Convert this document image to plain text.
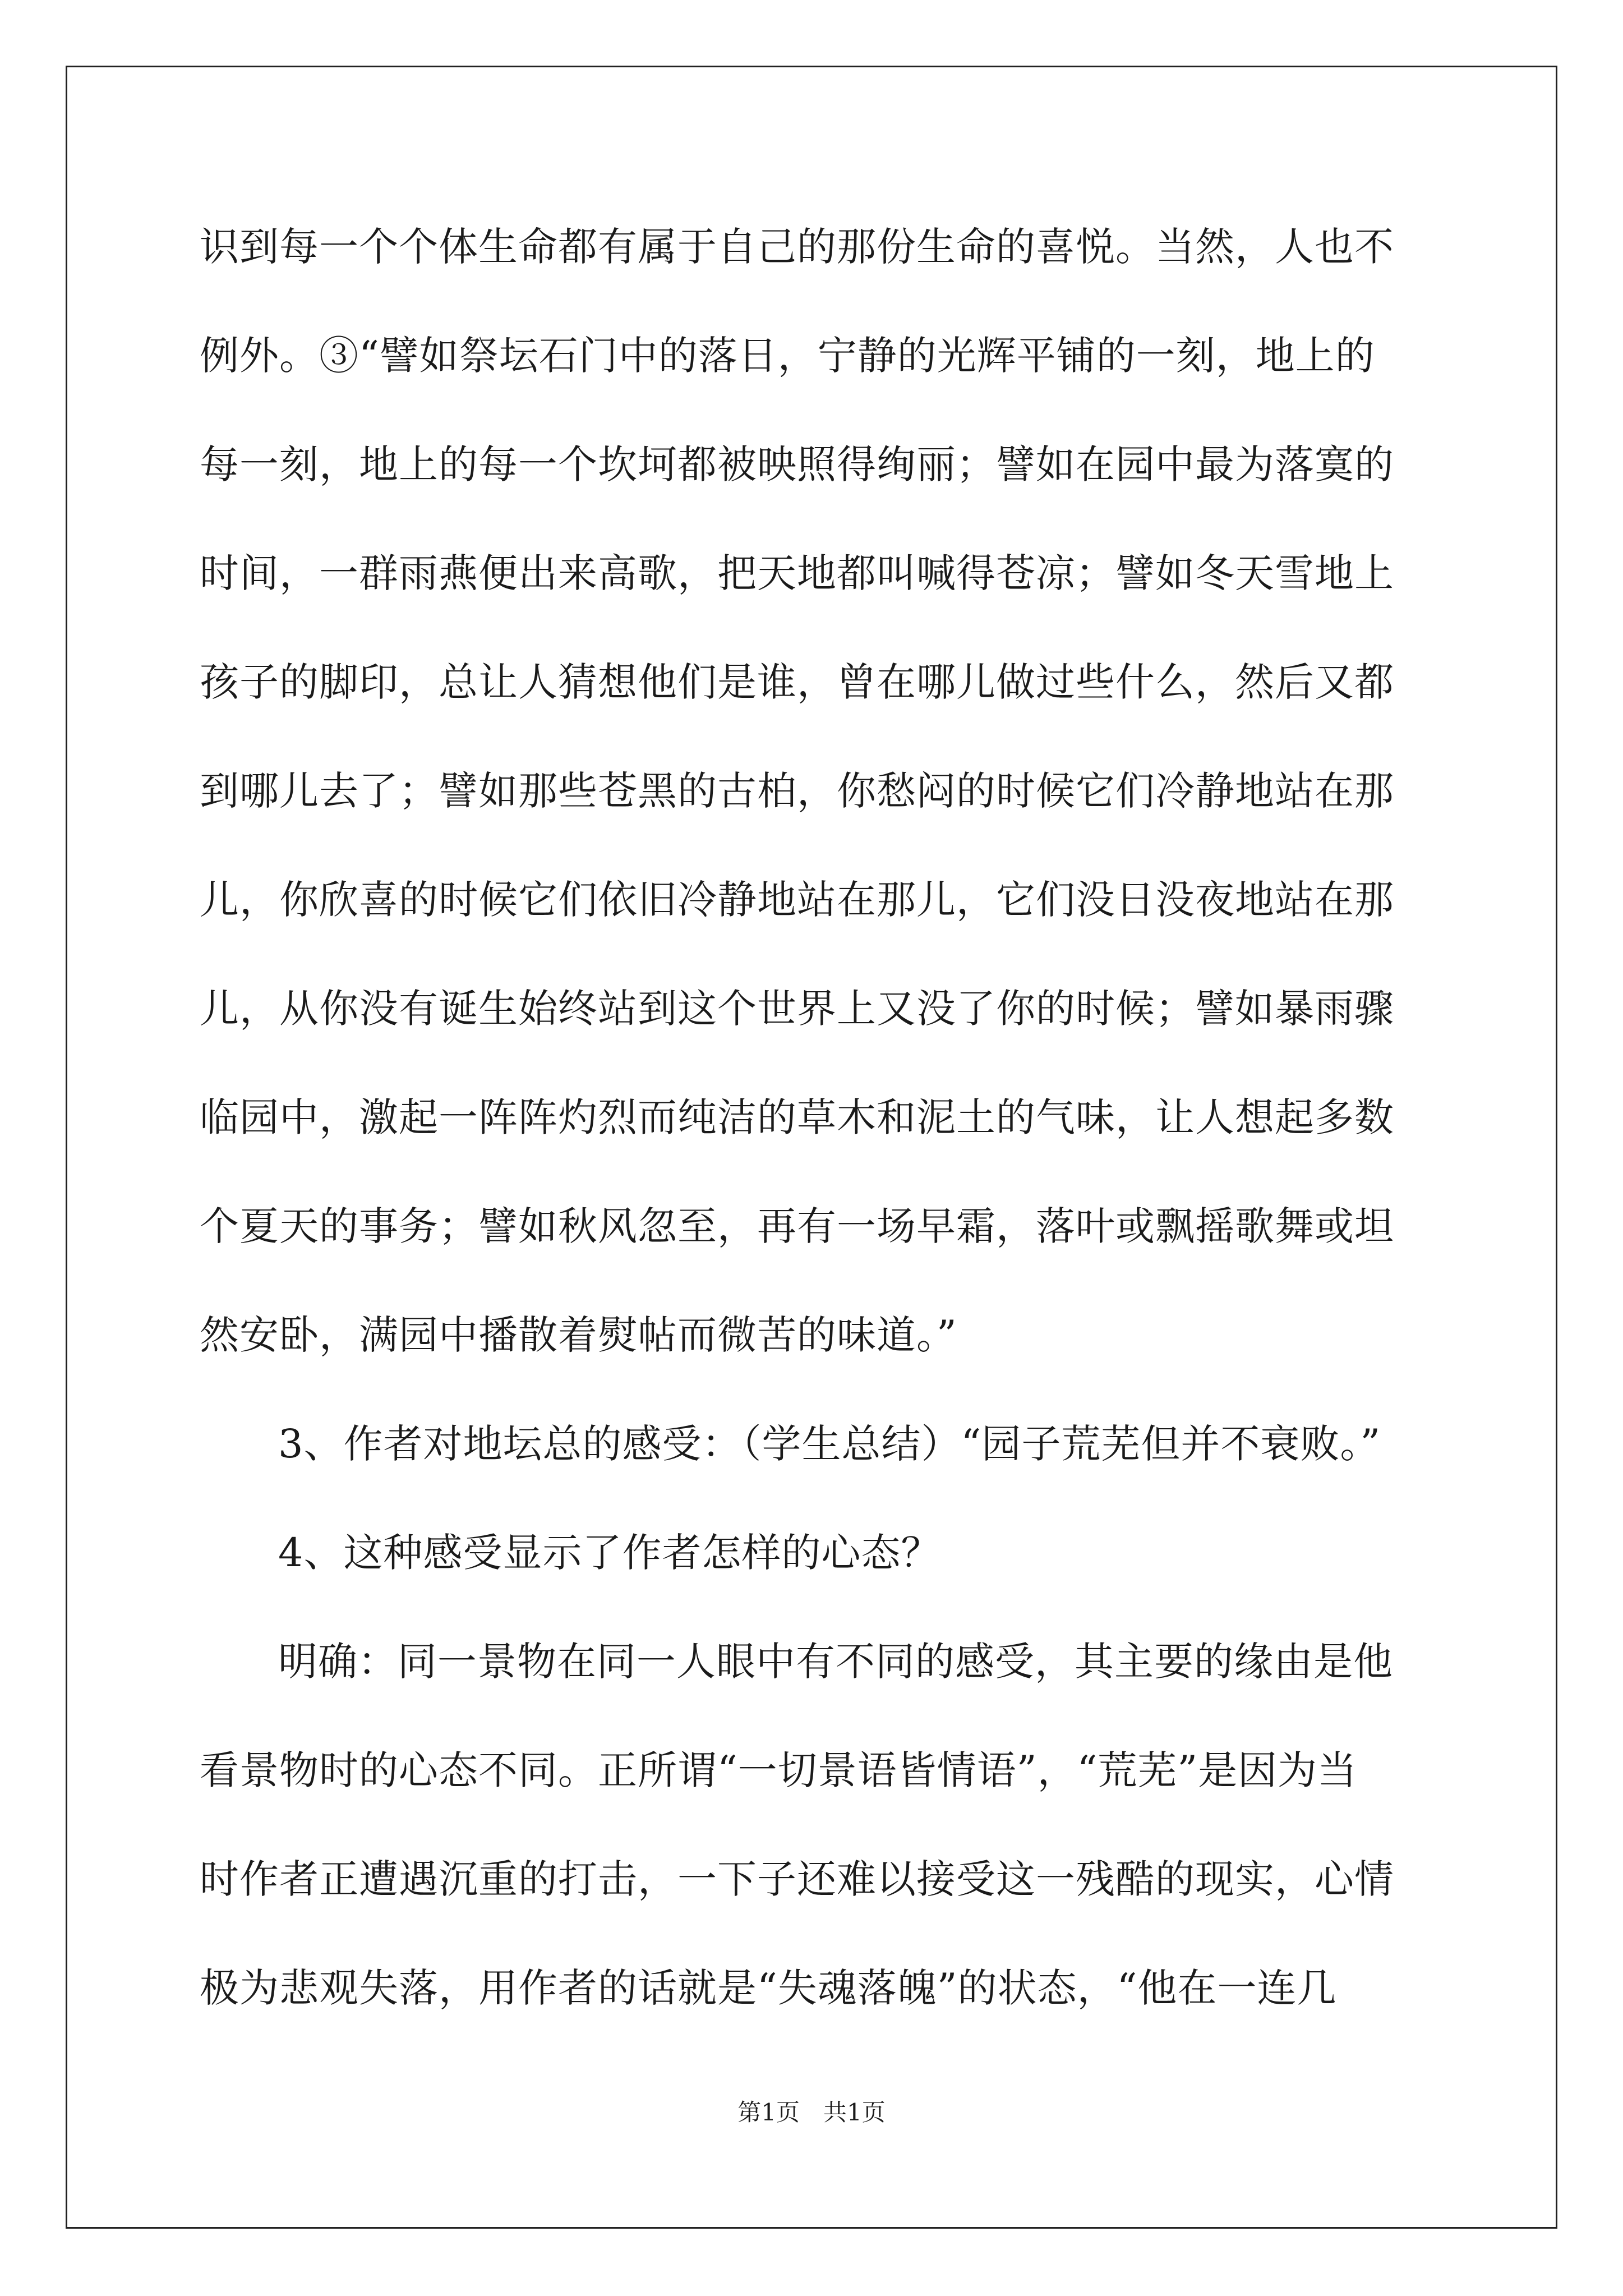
识到每一个个体生命都有属于自己的那份生命的喜悦。当然，人也不
例外。③“譬如祭坛石门中的落日，宁静的光辉平铺的一刻，地上的
每一刻，地上的每一个坎坷都被映照得绚丽；譬如在园中最为落寞的
时间，一群雨燕便出来高歌，把天地都叫喊得苍凉；譬如冬天雪地上
孩子的脚印，总让人猜想他们是谁，曾在哪儿做过些什么，然后又都
到哪儿去了；譬如那些苍黑的古柏，你愁闷的时候它们冷静地站在那
儿，你欣喜的时候它们依旧冷静地站在那儿，它们没日没夜地站在那
儿，从你没有诞生始终站到这个世界上又没了你的时候；譬如暴雨骤
临园中，激起一阵阵灼烈而纯洁的草木和泥土的气味，让人想起多数
个夏天的事务；譬如秋风忽至，再有一场早霜，落叶或飘摇歌舞或坦
然安卧，满园中播散着熨帖而微苦的味道。”
3、作者对地坛总的感受：（学生总结）“园子荒芜但并不衰败。”
4、这种感受显示了作者怎样的心态？
明确：同一景物在同一人眼中有不同的感受，其主要的缘由是他
看景物时的心态不同。正所谓“一切景语皆情语”，“荒芜”是因为当
时作者正遭遇沉重的打击，一下子还难以接受这一残酷的现实，心情
极为悲观失落，用作者的话就是“失魂落魄”的状态，“他在一连几
第1页　共1页
